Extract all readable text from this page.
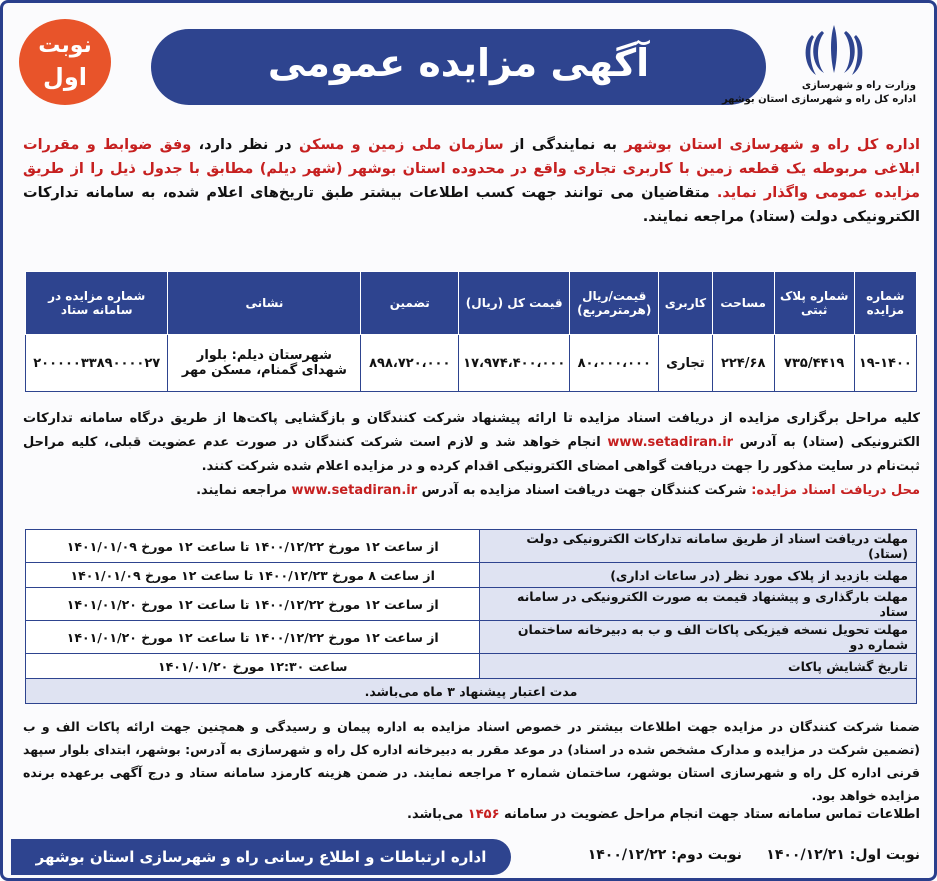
نوبت
اول	آگهی مزایده عمومی
وزارت راه و شهرسازی
اداره کل راه و شهرسازی استان بوشهر
اداره کل راه و شهرسازی استان بوشهر به نمایندگی از سازمان ملی زمین و مسکن در نظر دارد، وفق ضوابط و مقررات ابلاغی مربوطه یک قطعه زمین با کاربری تجاری واقع در محدوده استان بوشهر (شهر دیلم) مطابق با جدول ذیل را از طریق مزایده عمومی واگذار نماید. متقاضیان می توانند جهت کسب اطلاعات بیشتر طبق تاریخ‌های اعلام شده، به سامانه تدارکات الکترونیکی دولت (ستاد) مراجعه نمایند.
شماره مزایده	شماره پلاک ثبتی	مساحت	کاربری	قیمت/ریال (هرمترمربع)	قیمت کل (ریال)	تضمین	نشانی	شماره مزایده در سامانه ستاد
۱۹-۱۴۰۰	۷۳۵/۴۴۱۹	۲۲۴/۶۸	تجاری	۸۰،۰۰۰،۰۰۰	۱۷،۹۷۴،۴۰۰،۰۰۰	۸۹۸،۷۲۰،۰۰۰	شهرستان دیلم: بلوار شهدای گمنام، مسکن مهر	۲۰۰۰۰۰۳۳۸۹۰۰۰۰۲۷
کلیه مراحل برگزاری مزایده از دریافت اسناد مزایده تا ارائه پیشنهاد شرکت کنندگان و بازگشایی پاکت‌ها از طریق درگاه سامانه تدارکات الکترونیکی (ستاد) به آدرس www.setadiran.ir انجام خواهد شد و لازم است شرکت کنندگان در صورت عدم عضویت قبلی، کلیه مراحل ثبت‌نام در سایت مذکور را جهت دریافت گواهی امضای الکترونیکی اقدام کرده و در مزایده اعلام شده شرکت کنند.
محل دریافت اسناد مزایده: شرکت کنندگان جهت دریافت اسناد مزایده به آدرس www.setadiran.ir مراجعه نمایند.
مهلت دریافت اسناد از طریق سامانه تدارکات الکترونیکی دولت (ستاد)	از ساعت ۱۲ مورخ ۱۴۰۰/۱۲/۲۲ تا ساعت ۱۲ مورخ ۱۴۰۱/۰۱/۰۹
مهلت بازدید از پلاک مورد نظر (در ساعات اداری)	از ساعت ۸ مورخ ۱۴۰۰/۱۲/۲۳ تا ساعت ۱۲ مورخ ۱۴۰۱/۰۱/۰۹
مهلت بارگذاری و پیشنهاد قیمت به صورت الکترونیکی در سامانه ستاد	از ساعت ۱۲ مورخ ۱۴۰۰/۱۲/۲۲ تا ساعت ۱۲ مورخ ۱۴۰۱/۰۱/۲۰
مهلت تحویل نسخه فیزیکی پاکات الف و ب به دبیرخانه ساختمان شماره دو	از ساعت ۱۲ مورخ ۱۴۰۰/۱۲/۲۲ تا ساعت ۱۲ مورخ ۱۴۰۱/۰۱/۲۰
تاریخ گشایش پاکات	ساعت ۱۲:۳۰ مورخ ۱۴۰۱/۰۱/۲۰
مدت اعتبار پیشنهاد ۳ ماه می‌باشد.	
ضمنا شرکت کنندگان در مزایده جهت اطلاعات بیشتر در خصوص اسناد مزایده به اداره پیمان و رسیدگی و همچنین جهت ارائه پاکات الف و ب (تضمین شرکت در مزایده و مدارک مشخص شده در اسناد) در موعد مقرر به دبیرخانه اداره کل راه و شهرسازی به آدرس: بوشهر، ابتدای بلوار سپهد قرنی اداره کل راه و شهرسازی استان بوشهر، ساختمان شماره ۲ مراجعه نمایند. در ضمن هزینه کارمزد سامانه ستاد و درج آگهی برعهده برنده مزایده خواهد بود.
اطلاعات تماس سامانه ستاد جهت انجام مراحل عضویت در سامانه ۱۴۵۶ می‌باشد.
نوبت اول: ۱۴۰۰/۱۲/۲۱     نوبت دوم: ۱۴۰۰/۱۲/۲۲
اداره ارتباطات و اطلاع رسانی راه و شهرسازی استان بوشهر
